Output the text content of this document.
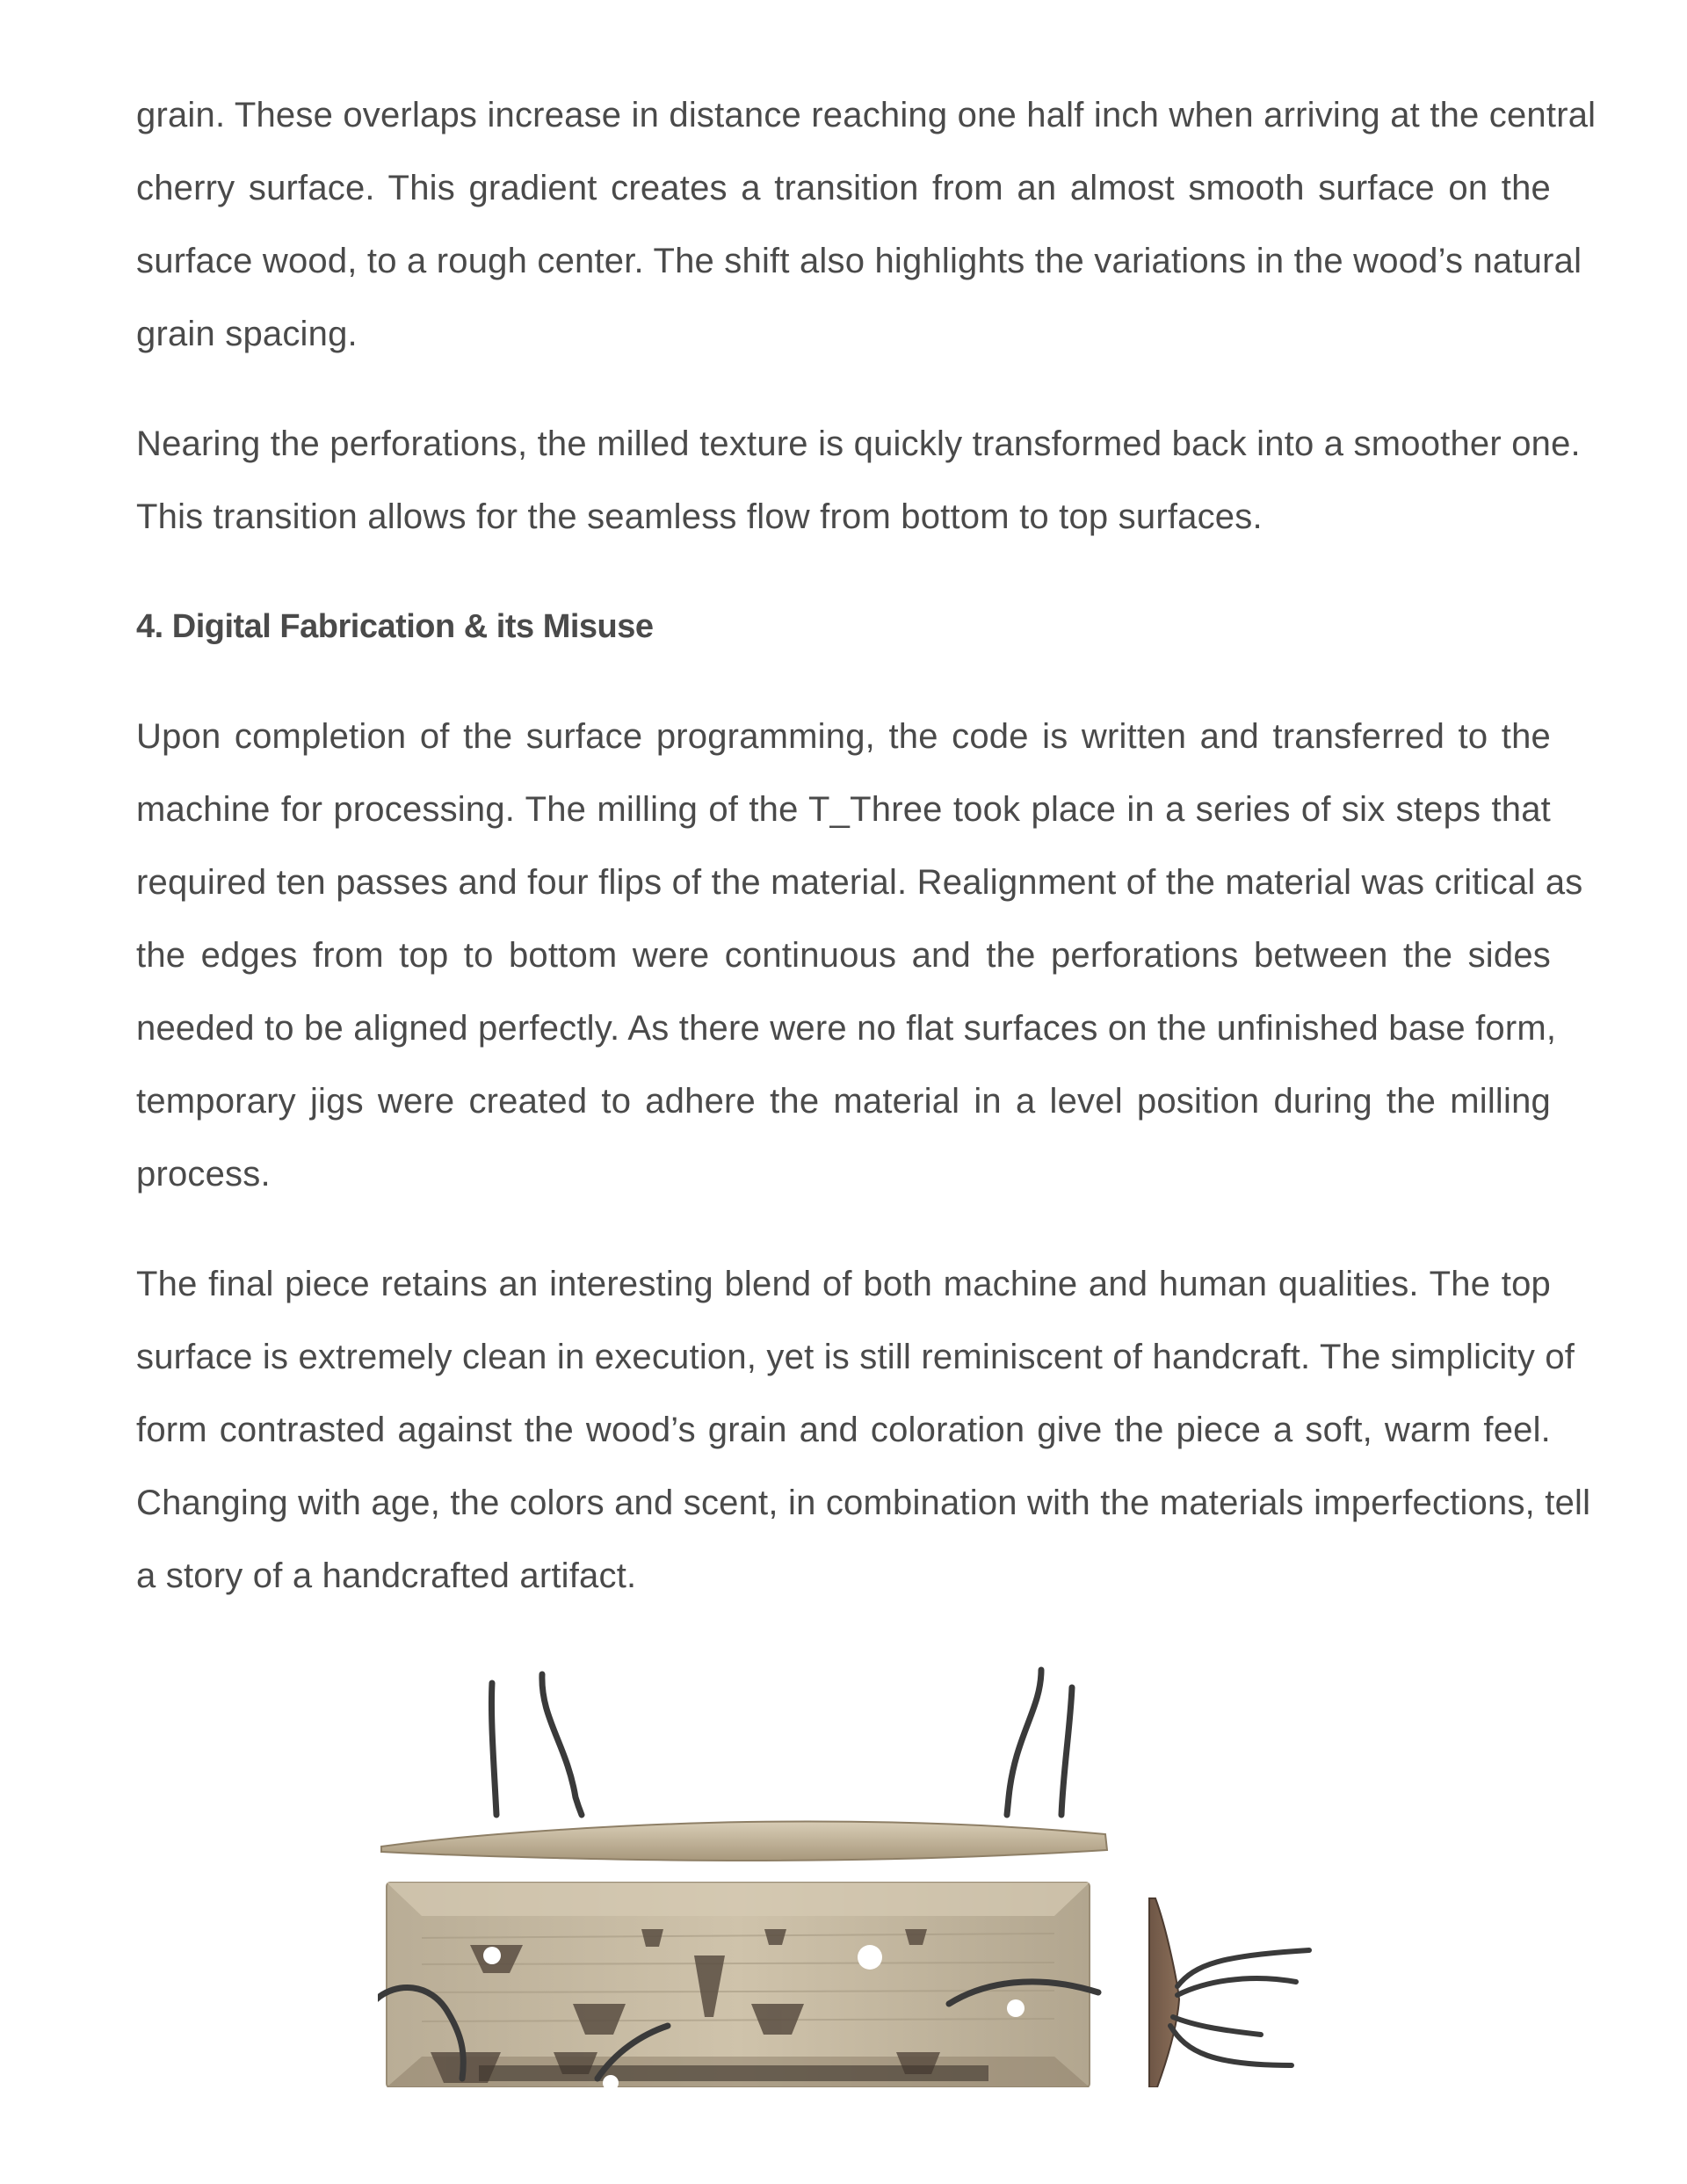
grain. These overlaps increase in distance reaching one half inch when arriving at the central
cherry surface. This gradient creates a transition from an almost smooth surface on the
surface wood, to a rough center. The shift also highlights the variations in the wood’s natural
grain spacing.

Nearing the perforations, the milled texture is quickly transformed back into a smoother one.
This transition allows for the seamless flow from bottom to top surfaces.

4. Digital Fabrication & its Misuse

Upon completion of the surface programming, the code is written and transferred to the
machine for processing. The milling of the T_Three took place in a series of six steps that
required ten passes and four flips of the material. Realignment of the material was critical as
the edges from top to bottom were continuous and the perforations between the sides
needed to be aligned perfectly. As there were no flat surfaces on the unfinished base form,
temporary jigs were created to adhere the material in a level position during the milling
process.

The final piece retains an interesting blend of both machine and human qualities. The top
surface is extremely clean in execution, yet is still reminiscent of handcraft. The simplicity of
form contrasted against the wood’s grain and coloration give the piece a soft, warm feel.
Changing with age, the colors and scent, in combination with the materials imperfections, tell
a story of a handcrafted artifact.
